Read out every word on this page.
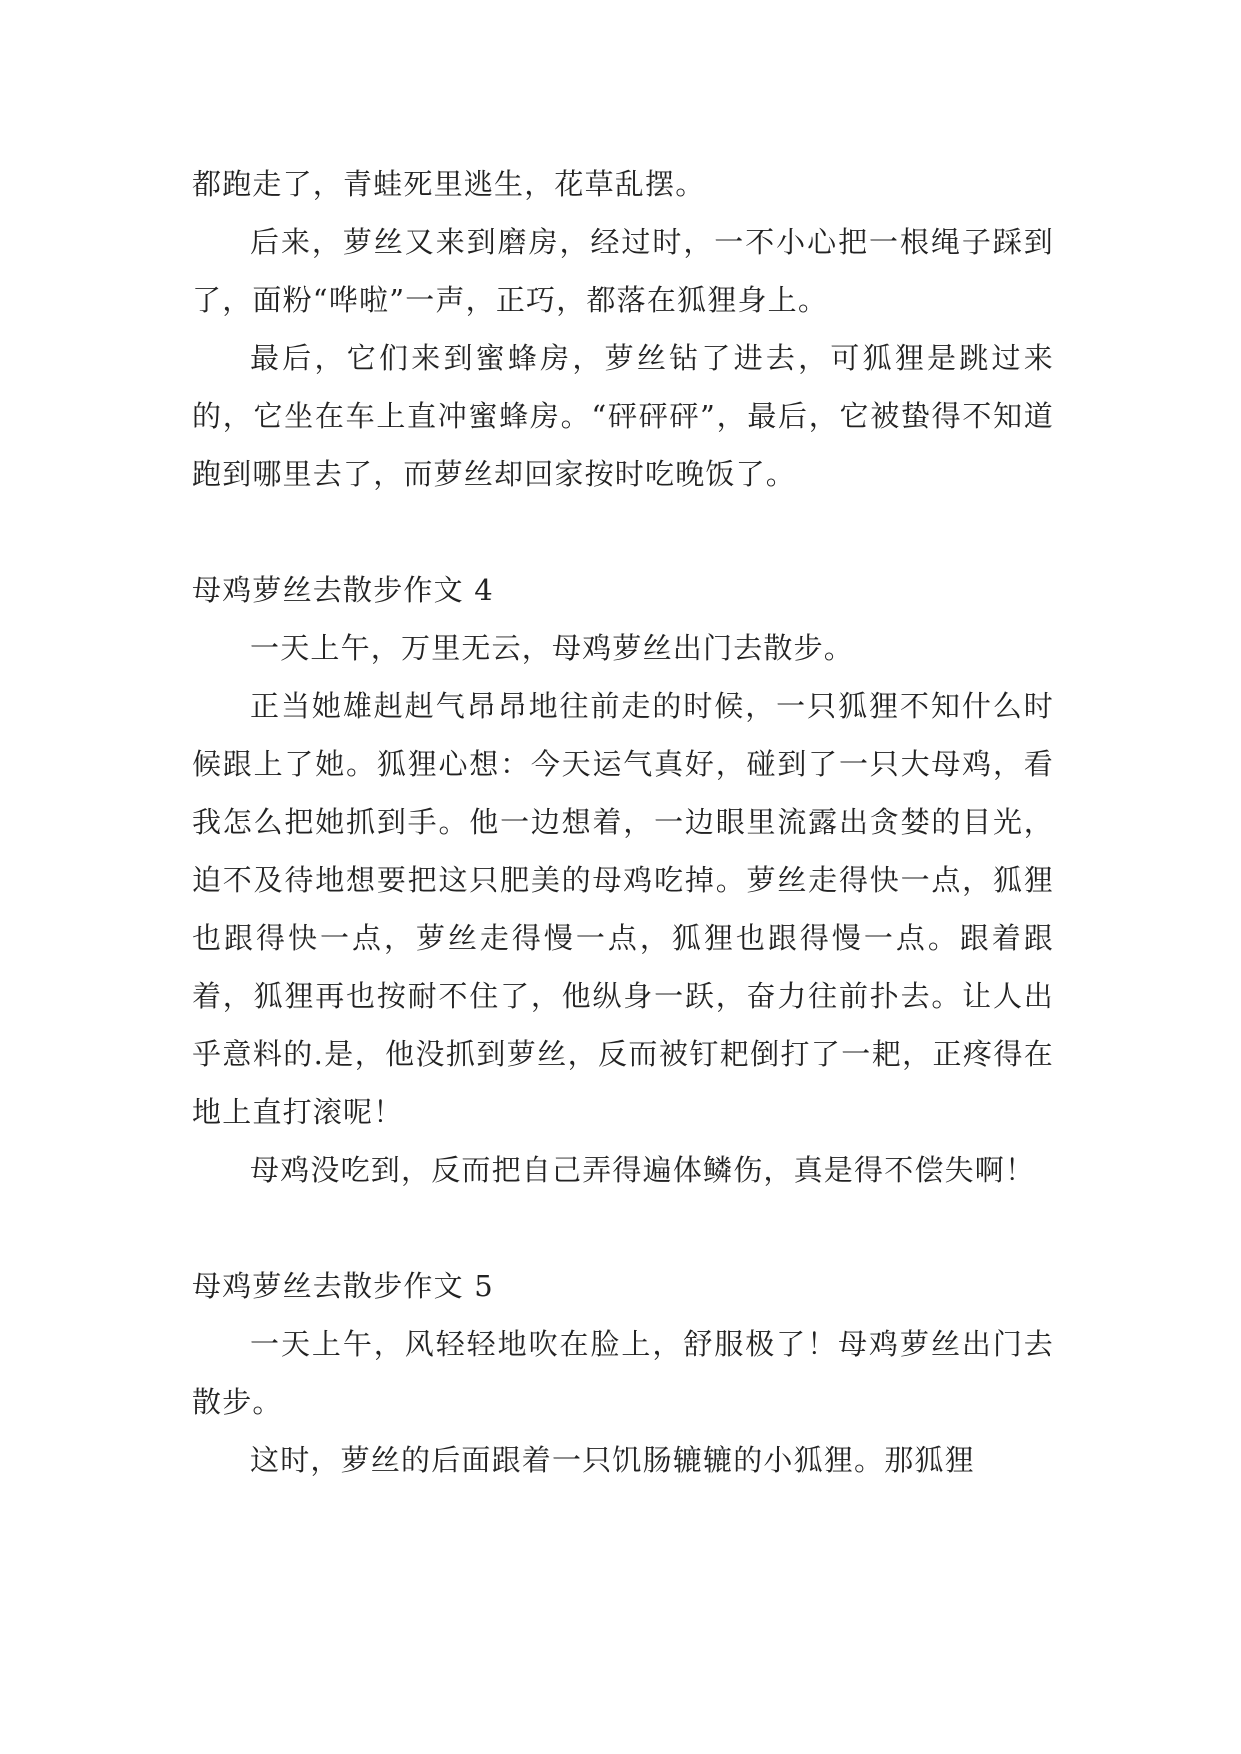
都跑走了，青蛙死里逃生，花草乱摆。

后来，萝丝又来到磨房，经过时，一不小心把一根绳子踩到了，面粉“哗啦”一声，正巧，都落在狐狸身上。

最后，它们来到蜜蜂房，萝丝钻了进去，可狐狸是跳过来的，它坐在车上直冲蜜蜂房。“砰砰砰”，最后，它被蛰得不知道跑到哪里去了，而萝丝却回家按时吃晚饭了。

母鸡萝丝去散步作文 4

一天上午，万里无云，母鸡萝丝出门去散步。

正当她雄赳赳气昂昂地往前走的时候，一只狐狸不知什么时候跟上了她。狐狸心想：今天运气真好，碰到了一只大母鸡，看我怎么把她抓到手。他一边想着，一边眼里流露出贪婪的目光，迫不及待地想要把这只肥美的母鸡吃掉。萝丝走得快一点，狐狸也跟得快一点，萝丝走得慢一点，狐狸也跟得慢一点。跟着跟着，狐狸再也按耐不住了，他纵身一跃，奋力往前扑去。让人出乎意料的.是，他没抓到萝丝，反而被钉耙倒打了一耙，正疼得在地上直打滚呢！

母鸡没吃到，反而把自己弄得遍体鳞伤，真是得不偿失啊！

母鸡萝丝去散步作文 5

一天上午，风轻轻地吹在脸上，舒服极了！母鸡萝丝出门去散步。

这时，萝丝的后面跟着一只饥肠辘辘的小狐狸。那狐狸
